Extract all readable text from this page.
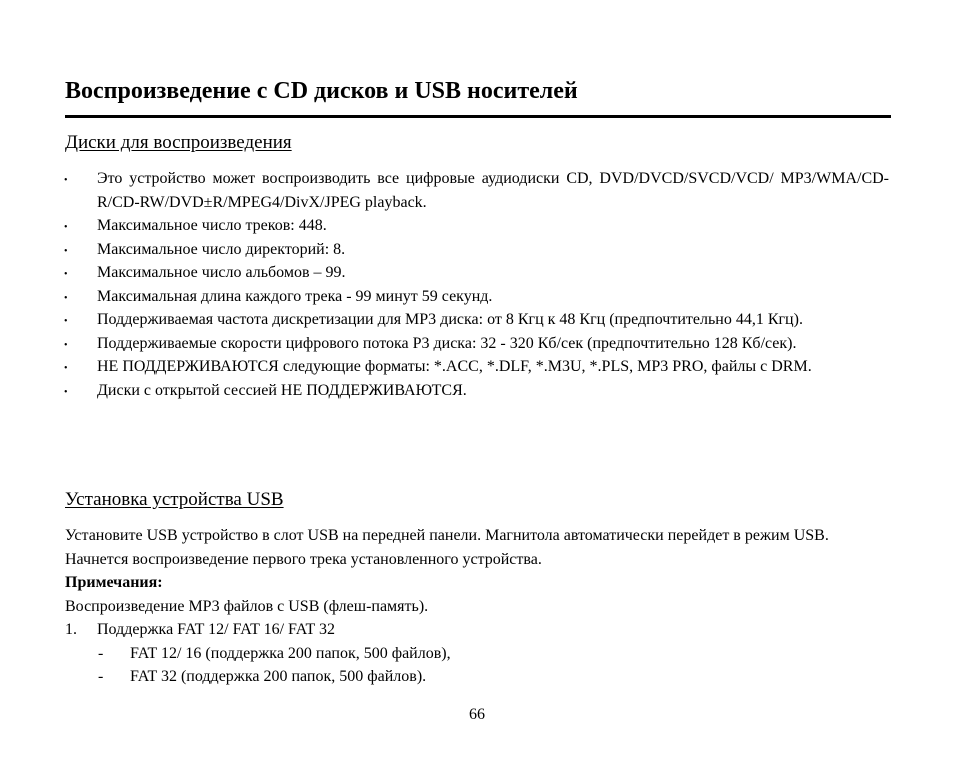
Воспроизведение с CD дисков и USB носителей
Диски для воспроизведения
• Это устройство может воспроизводить все цифровые аудиодиски CD, DVD/DVCD/SVCD/VCD/ MP3/WMA/CD-R/CD-RW/DVD±R/MPEG4/DivX/JPEG playback.
• Максимальное число треков: 448.
• Максимальное число директорий: 8.
• Максимальное число альбомов – 99.
• Максимальная длина каждого трека - 99 минут 59 секунд.
• Поддерживаемая частота дискретизации для MP3 диска: от 8 Кгц к 48 Кгц (предпочтительно 44,1 Кгц).
• Поддерживаемые скорости цифрового потока P3 диска: 32 - 320 Кб/сек (предпочтительно 128 Кб/сек).
• НЕ ПОДДЕРЖИВАЮТСЯ следующие форматы: *.ACC, *.DLF, *.M3U, *.PLS, MP3 PRO, файлы с DRM.
• Диски с открытой сессией НЕ ПОДДЕРЖИВАЮТСЯ.
Установка устройства USB

Установите USB устройство в слот USB на передней панели. Магнитола автоматически перейдет в режим USB. Начнется воспроизведение первого трека установленного устройства.

Примечания:

Воспроизведение MP3 файлов с USB (флеш-память).

1. Поддержка FAT 12/ FAT 16/ FAT 32
- FAT 12/ 16 (поддержка 200 папок, 500 файлов),
- FAT 32 (поддержка 200 папок, 500 файлов).
66
